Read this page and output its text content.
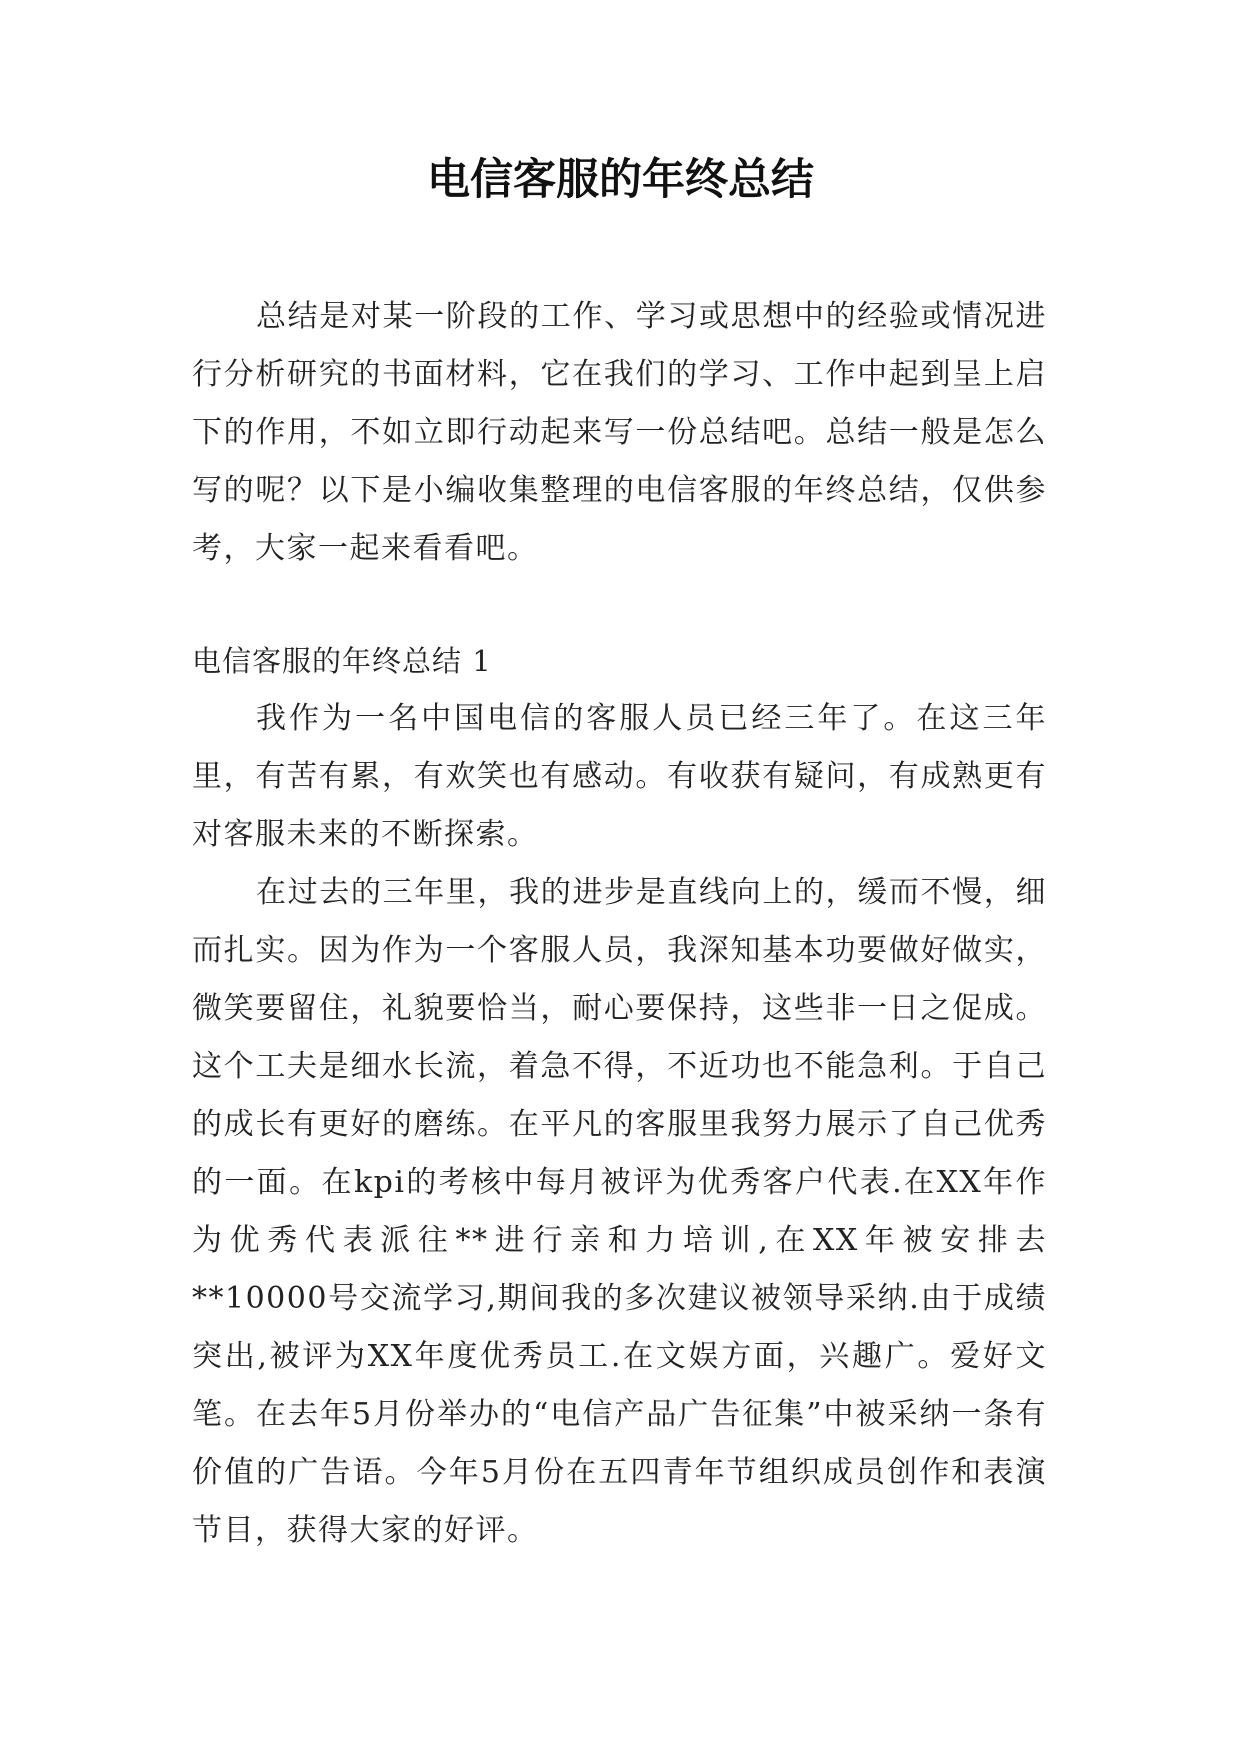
电信客服的年终总结

总结是对某一阶段的工作、学习或思想中的经验或情况进行分析研究的书面材料，它在我们的学习、工作中起到呈上启下的作用，不如立即行动起来写一份总结吧。总结一般是怎么写的呢？以下是小编收集整理的电信客服的年终总结，仅供参考，大家一起来看看吧。

电信客服的年终总结 1

我作为一名中国电信的客服人员已经三年了。在这三年里，有苦有累，有欢笑也有感动。有收获有疑问，有成熟更有对客服未来的不断探索。

在过去的三年里，我的进步是直线向上的，缓而不慢，细而扎实。因为作为一个客服人员，我深知基本功要做好做实，微笑要留住，礼貌要恰当，耐心要保持，这些非一日之促成。这个工夫是细水长流，着急不得，不近功也不能急利。于自己的成长有更好的磨练。在平凡的客服里我努力展示了自己优秀的一面。在kpi的考核中每月被评为优秀客户代表.在XX年作为优秀代表派往**进行亲和力培训,在XX年被安排去**10000号交流学习,期间我的多次建议被领导采纳.由于成绩突出,被评为XX年度优秀员工.在文娱方面，兴趣广。爱好文笔。在去年5月份举办的“电信产品广告征集”中被采纳一条有价值的广告语。今年5月份在五四青年节组织成员创作和表演节目，获得大家的好评。
